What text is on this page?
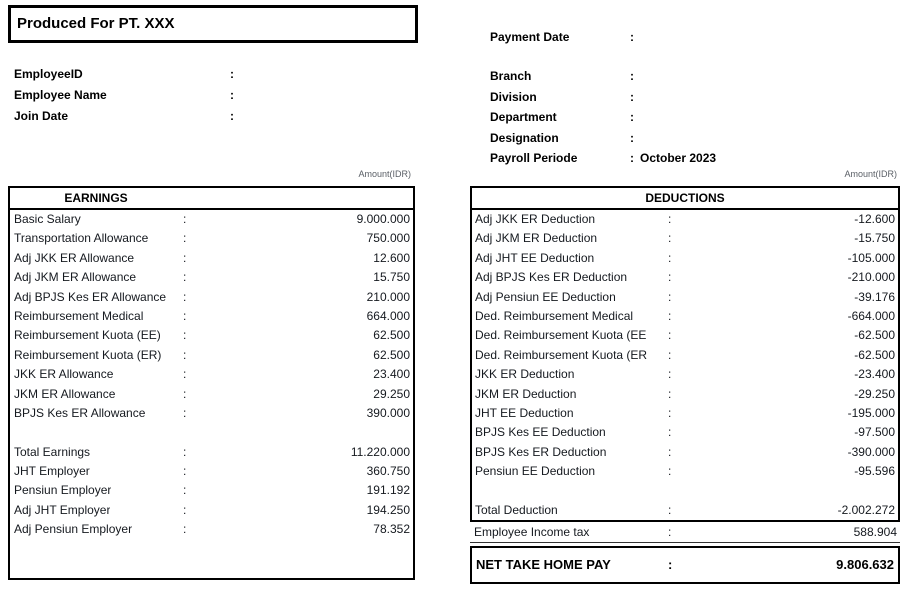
Produced For PT. XXX
EmployeeID	:
Employee Name	:
Join Date	:
Payment Date	:
Branch	:
Division	:
Department	:
Designation	:
Payroll Periode	: October 2023
Amount(IDR)	Amount(IDR)
EARNINGS
Basic Salary	:	9.000.000
Transportation Allowance	:	750.000
Adj JKK ER Allowance	:	12.600
Adj JKM ER Allowance	:	15.750
Adj BPJS Kes ER Allowance :	210.000
Reimbursement Medical	:	664.000
Reimbursement Kuota (EE) :	62.500
Reimbursement Kuota (ER) :	62.500
JKK ER Allowance	:	23.400
JKM ER Allowance	:	29.250
BPJS Kes ER Allowance	:	390.000
Total Earnings	:	11.220.000
JHT Employer	:	360.750
Pensiun Employer	:	191.192
Adj JHT Employer	:	194.250
Adj Pensiun Employer	:	78.352
DEDUCTIONS
Adj JKK ER Deduction	:	-12.600
Adj JKM ER Deduction	:	-15.750
Adj JHT EE Deduction	:	-105.000
Adj BPJS Kes ER Deduction	:	-210.000
Adj Pensiun EE Deduction	:	-39.176
Ded. Reimbursement Medical	:	-664.000
Ded. Reimbursement Kuota (EE :	-62.500
Ded. Reimbursement Kuota (ER :	-62.500
JKK ER Deduction	:	-23.400
JKM ER Deduction	:	-29.250
JHT EE Deduction	:	-195.000
BPJS Kes EE Deduction	:	-97.500
BPJS Kes ER Deduction	:	-390.000
Pensiun EE Deduction	:	-95.596
Total Deduction	:	-2.002.272
Employee Income tax	:	588.904
NET TAKE HOME PAY	:	9.806.632
